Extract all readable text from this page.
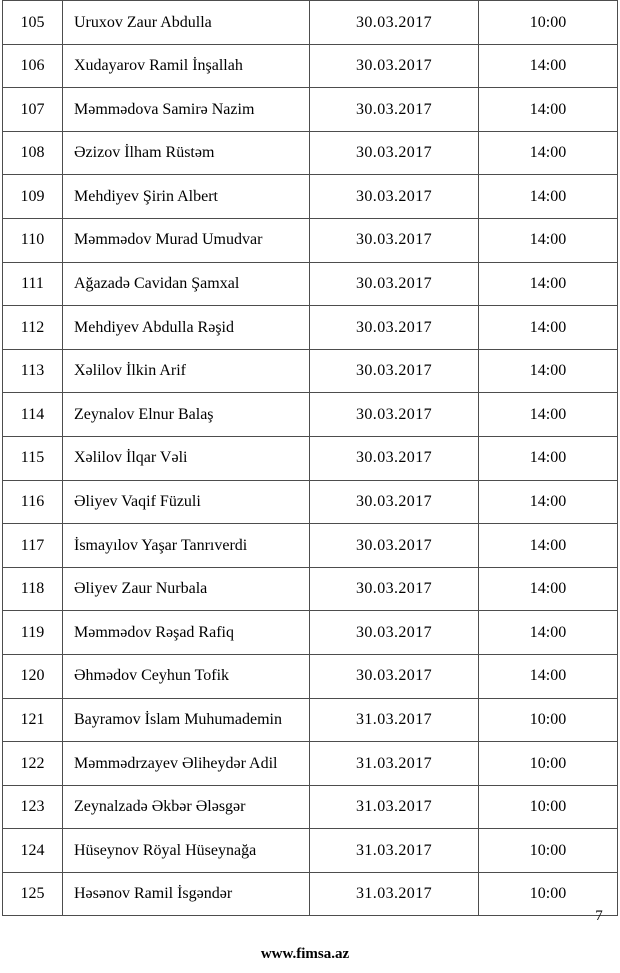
105	Uruxov Zaur Abdulla	30.03.2017	10:00
106	Xudayarov Ramil İnşallah	30.03.2017	14:00
107	Məmmədova Samirə Nazim	30.03.2017	14:00
108	Əzizov İlham Rüstəm	30.03.2017	14:00
109	Mehdiyev Şirin Albert	30.03.2017	14:00
110	Məmmədov Murad Umudvar	30.03.2017	14:00
111	Ağazadə Cavidan Şamxal	30.03.2017	14:00
112	Mehdiyev Abdulla Rəşid	30.03.2017	14:00
113	Xəlilov İlkin Arif	30.03.2017	14:00
114	Zeynalov Elnur Balaş	30.03.2017	14:00
115	Xəlilov İlqar Vəli	30.03.2017	14:00
116	Əliyev Vaqif Füzuli	30.03.2017	14:00
117	İsmayılov Yaşar Tanrıverdi	30.03.2017	14:00
118	Əliyev Zaur Nurbala	30.03.2017	14:00
119	Məmmədov Rəşad Rafiq	30.03.2017	14:00
120	Əhmədov Ceyhun Tofik	30.03.2017	14:00
121	Bayramov İslam Muhumademin	31.03.2017	10:00
122	Məmmədrzayev Əliheydər Adil	31.03.2017	10:00
123	Zeynalzadə Əkbər Ələsgər	31.03.2017	10:00
124	Hüseynov Röyal Hüseynağa	31.03.2017	10:00
125	Həsənov Ramil İsgəndər	31.03.2017	10:00
7
www.fimsa.az
